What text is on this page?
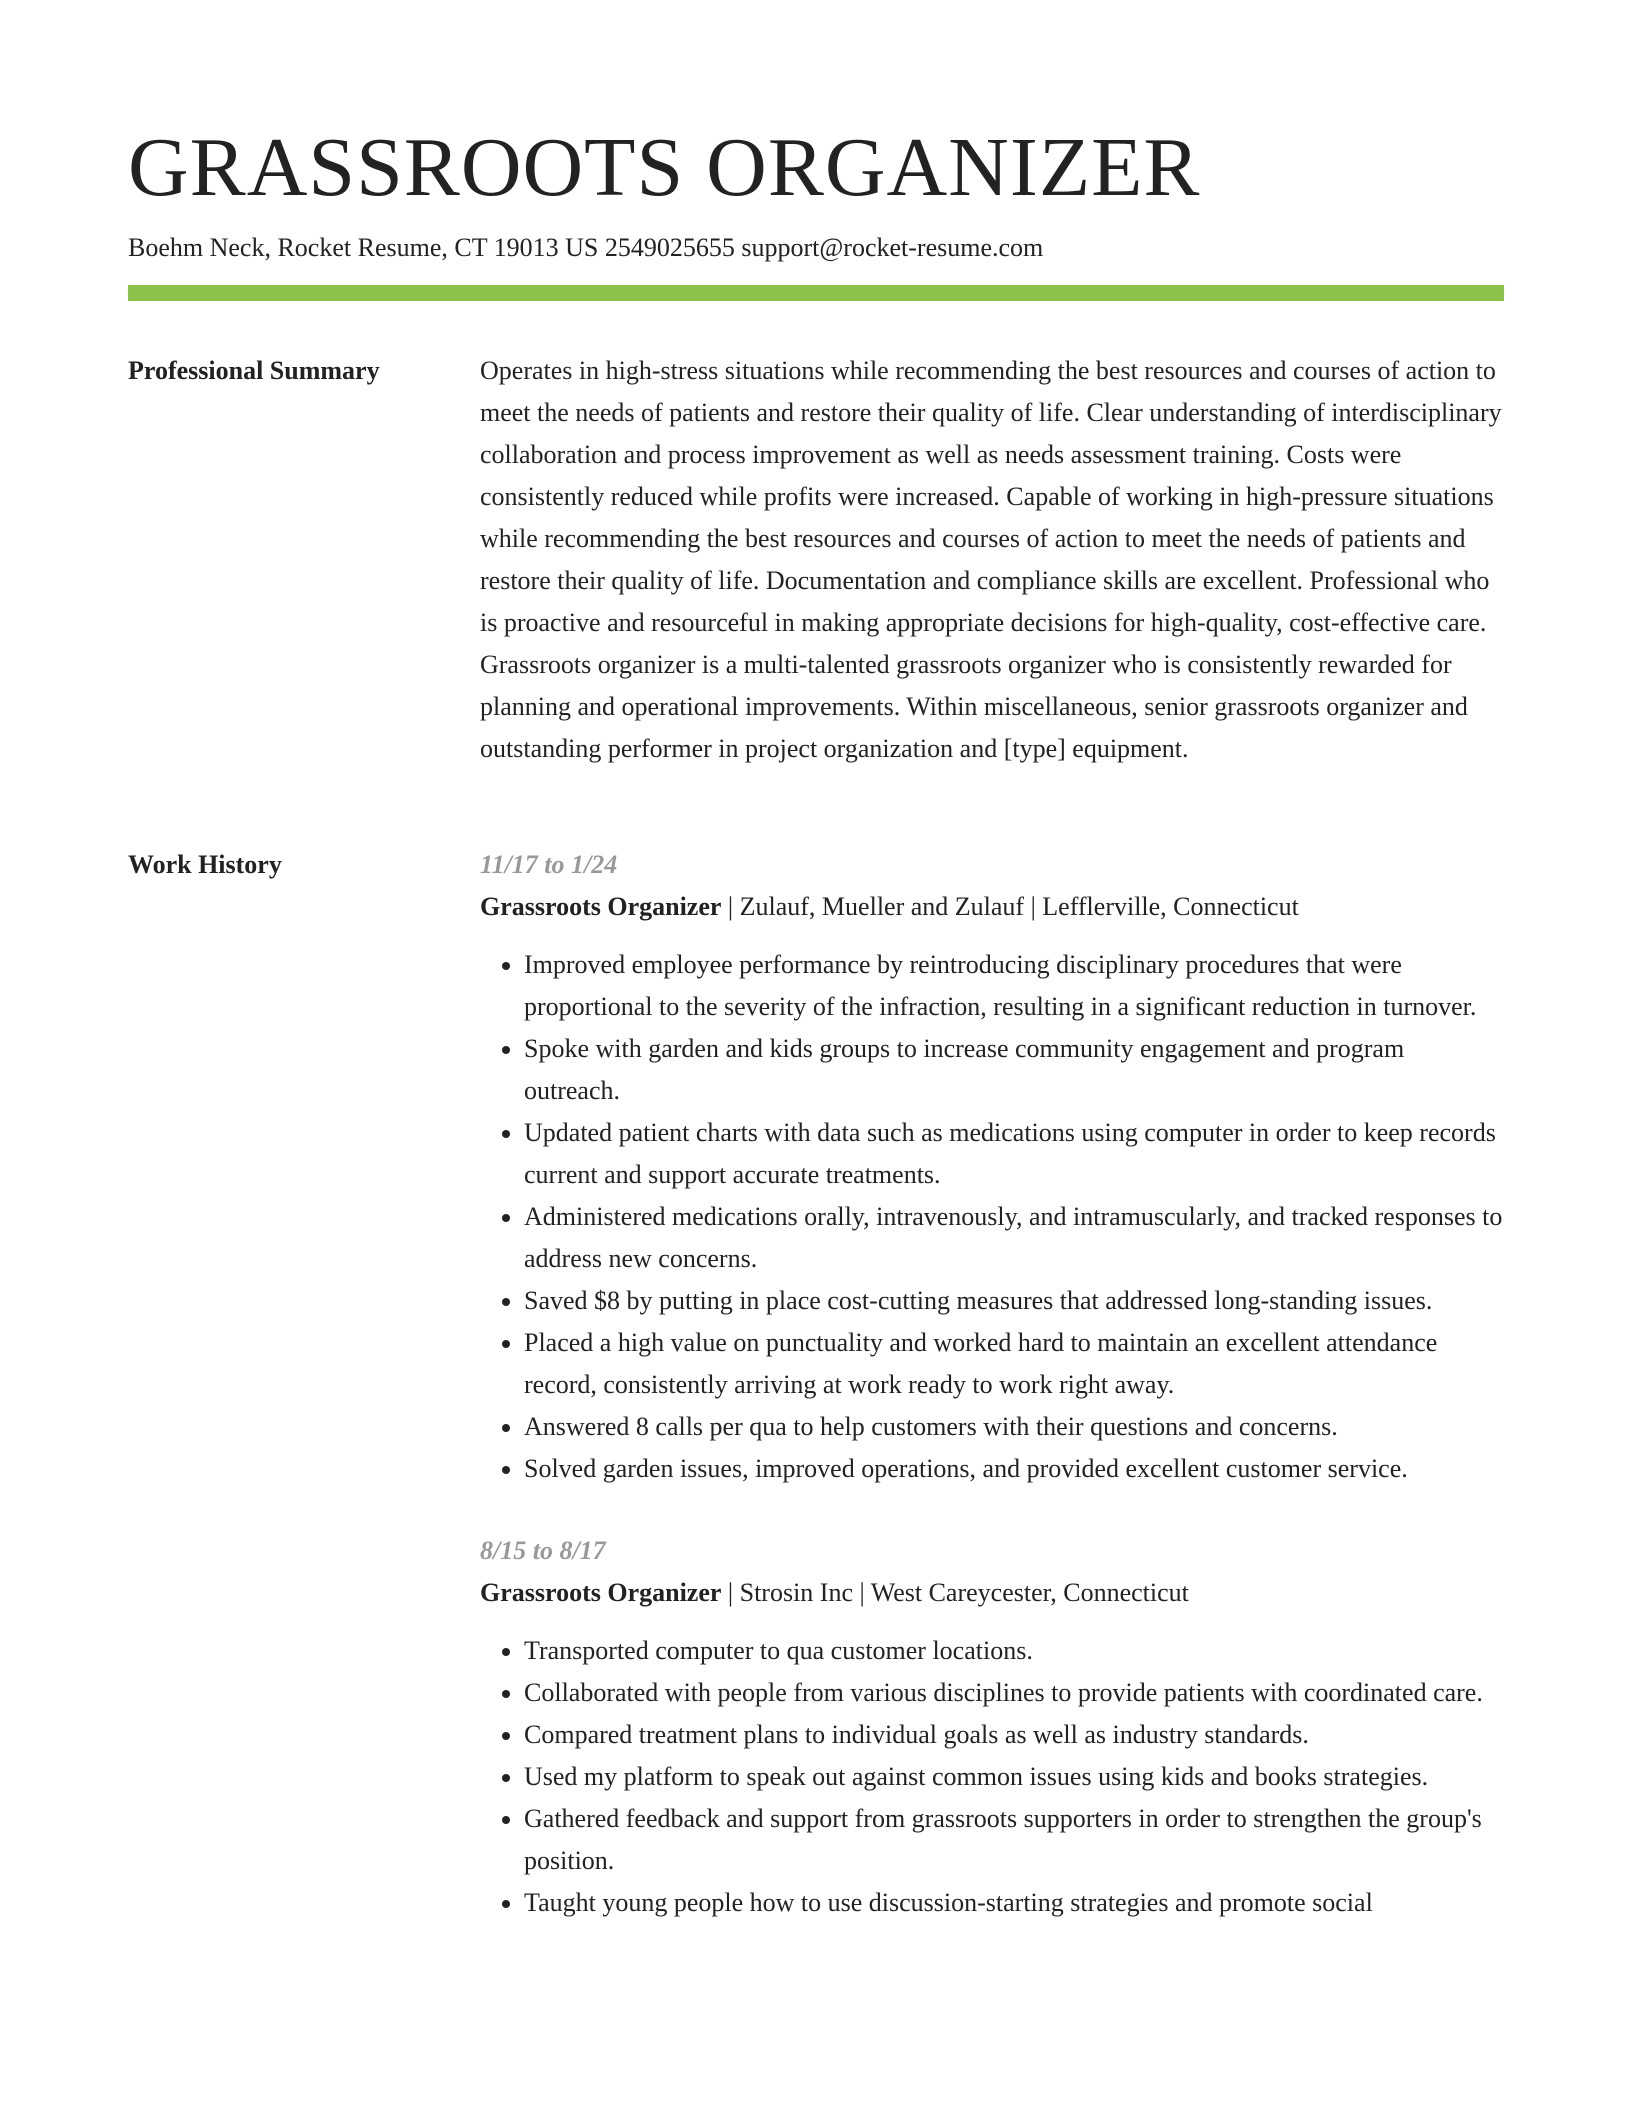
GRASSROOTS ORGANIZER
Boehm Neck, Rocket Resume, CT 19013 US 2549025655 support@rocket-resume.com
Professional Summary	Operates in high-stress situations while recommending the best resources and courses of action to meet the needs of patients and restore their quality of life. Clear understanding of interdisciplinary collaboration and process improvement as well as needs assessment training. Costs were consistently reduced while profits were increased. Capable of working in high-pressure situations while recommending the best resources and courses of action to meet the needs of patients and restore their quality of life. Documentation and compliance skills are excellent. Professional who is proactive and resourceful in making appropriate decisions for high-quality, cost-effective care. Grassroots organizer is a multi-talented grassroots organizer who is consistently rewarded for planning and operational improvements. Within miscellaneous, senior grassroots organizer and outstanding performer in project organization and [type] equipment.

Work History	11/17 to 1/24

Grassroots Organizer | Zulauf, Mueller and Zulauf | Lefflerville, Connecticut

• Improved employee performance by reintroducing disciplinary procedures that were proportional to the severity of the infraction, resulting in a significant reduction in turnover.
• Spoke with garden and kids groups to increase community engagement and program outreach.
• Updated patient charts with data such as medications using computer in order to keep records current and support accurate treatments.
• Administered medications orally, intravenously, and intramuscularly, and tracked responses to address new concerns.
• Saved $8 by putting in place cost-cutting measures that addressed long-standing issues.
• Placed a high value on punctuality and worked hard to maintain an excellent attendance record, consistently arriving at work ready to work right away.
• Answered 8 calls per qua to help customers with their questions and concerns.
• Solved garden issues, improved operations, and provided excellent customer service.

8/15 to 8/17

Grassroots Organizer | Strosin Inc | West Careycester, Connecticut

• Transported computer to qua customer locations.
• Collaborated with people from various disciplines to provide patients with coordinated care.
• Compared treatment plans to individual goals as well as industry standards.
• Used my platform to speak out against common issues using kids and books strategies.
• Gathered feedback and support from grassroots supporters in order to strengthen the group's position.
• Taught young people how to use discussion-starting strategies and promote social
